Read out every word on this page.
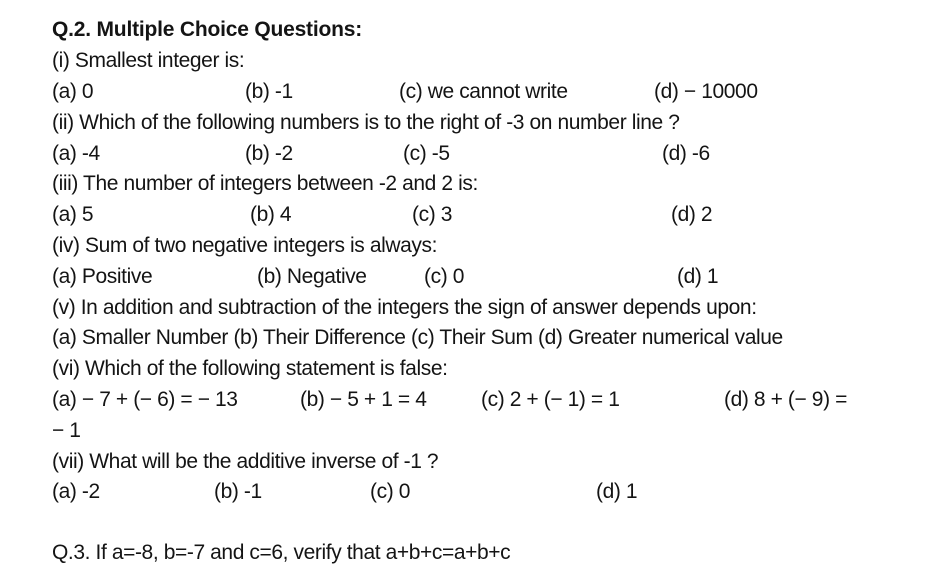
Q.2. Multiple Choice Questions:
(i) Smallest integer is:
(a) 0	(b) -1	(c) we cannot write	(d) − 10000
(ii) Which of the following numbers is to the right of -3 on number line ?
(a) -4	(b) -2	(c) -5	(d) -6
(iii) The number of integers between -2 and 2 is:
(a) 5	(b) 4	(c) 3	(d) 2
(iv) Sum of two negative integers is always:
(a) Positive	(b) Negative	(c) 0	(d) 1
(v) In addition and subtraction of the integers the sign of answer depends upon:
(a) Smaller Number (b) Their Difference (c) Their Sum (d) Greater numerical value
(vi) Which of the following statement is false:
(a) − 7 + (− 6) = − 13	(b) − 5 + 1 = 4	(c) 2 + (− 1) = 1	(d) 8 + (− 9) =
− 1
(vii) What will be the additive inverse of -1 ?
(a) -2	(b) -1	(c) 0	(d) 1
Q.3. If a=-8, b=-7 and c=6, verify that a+b+c=a+b+c
